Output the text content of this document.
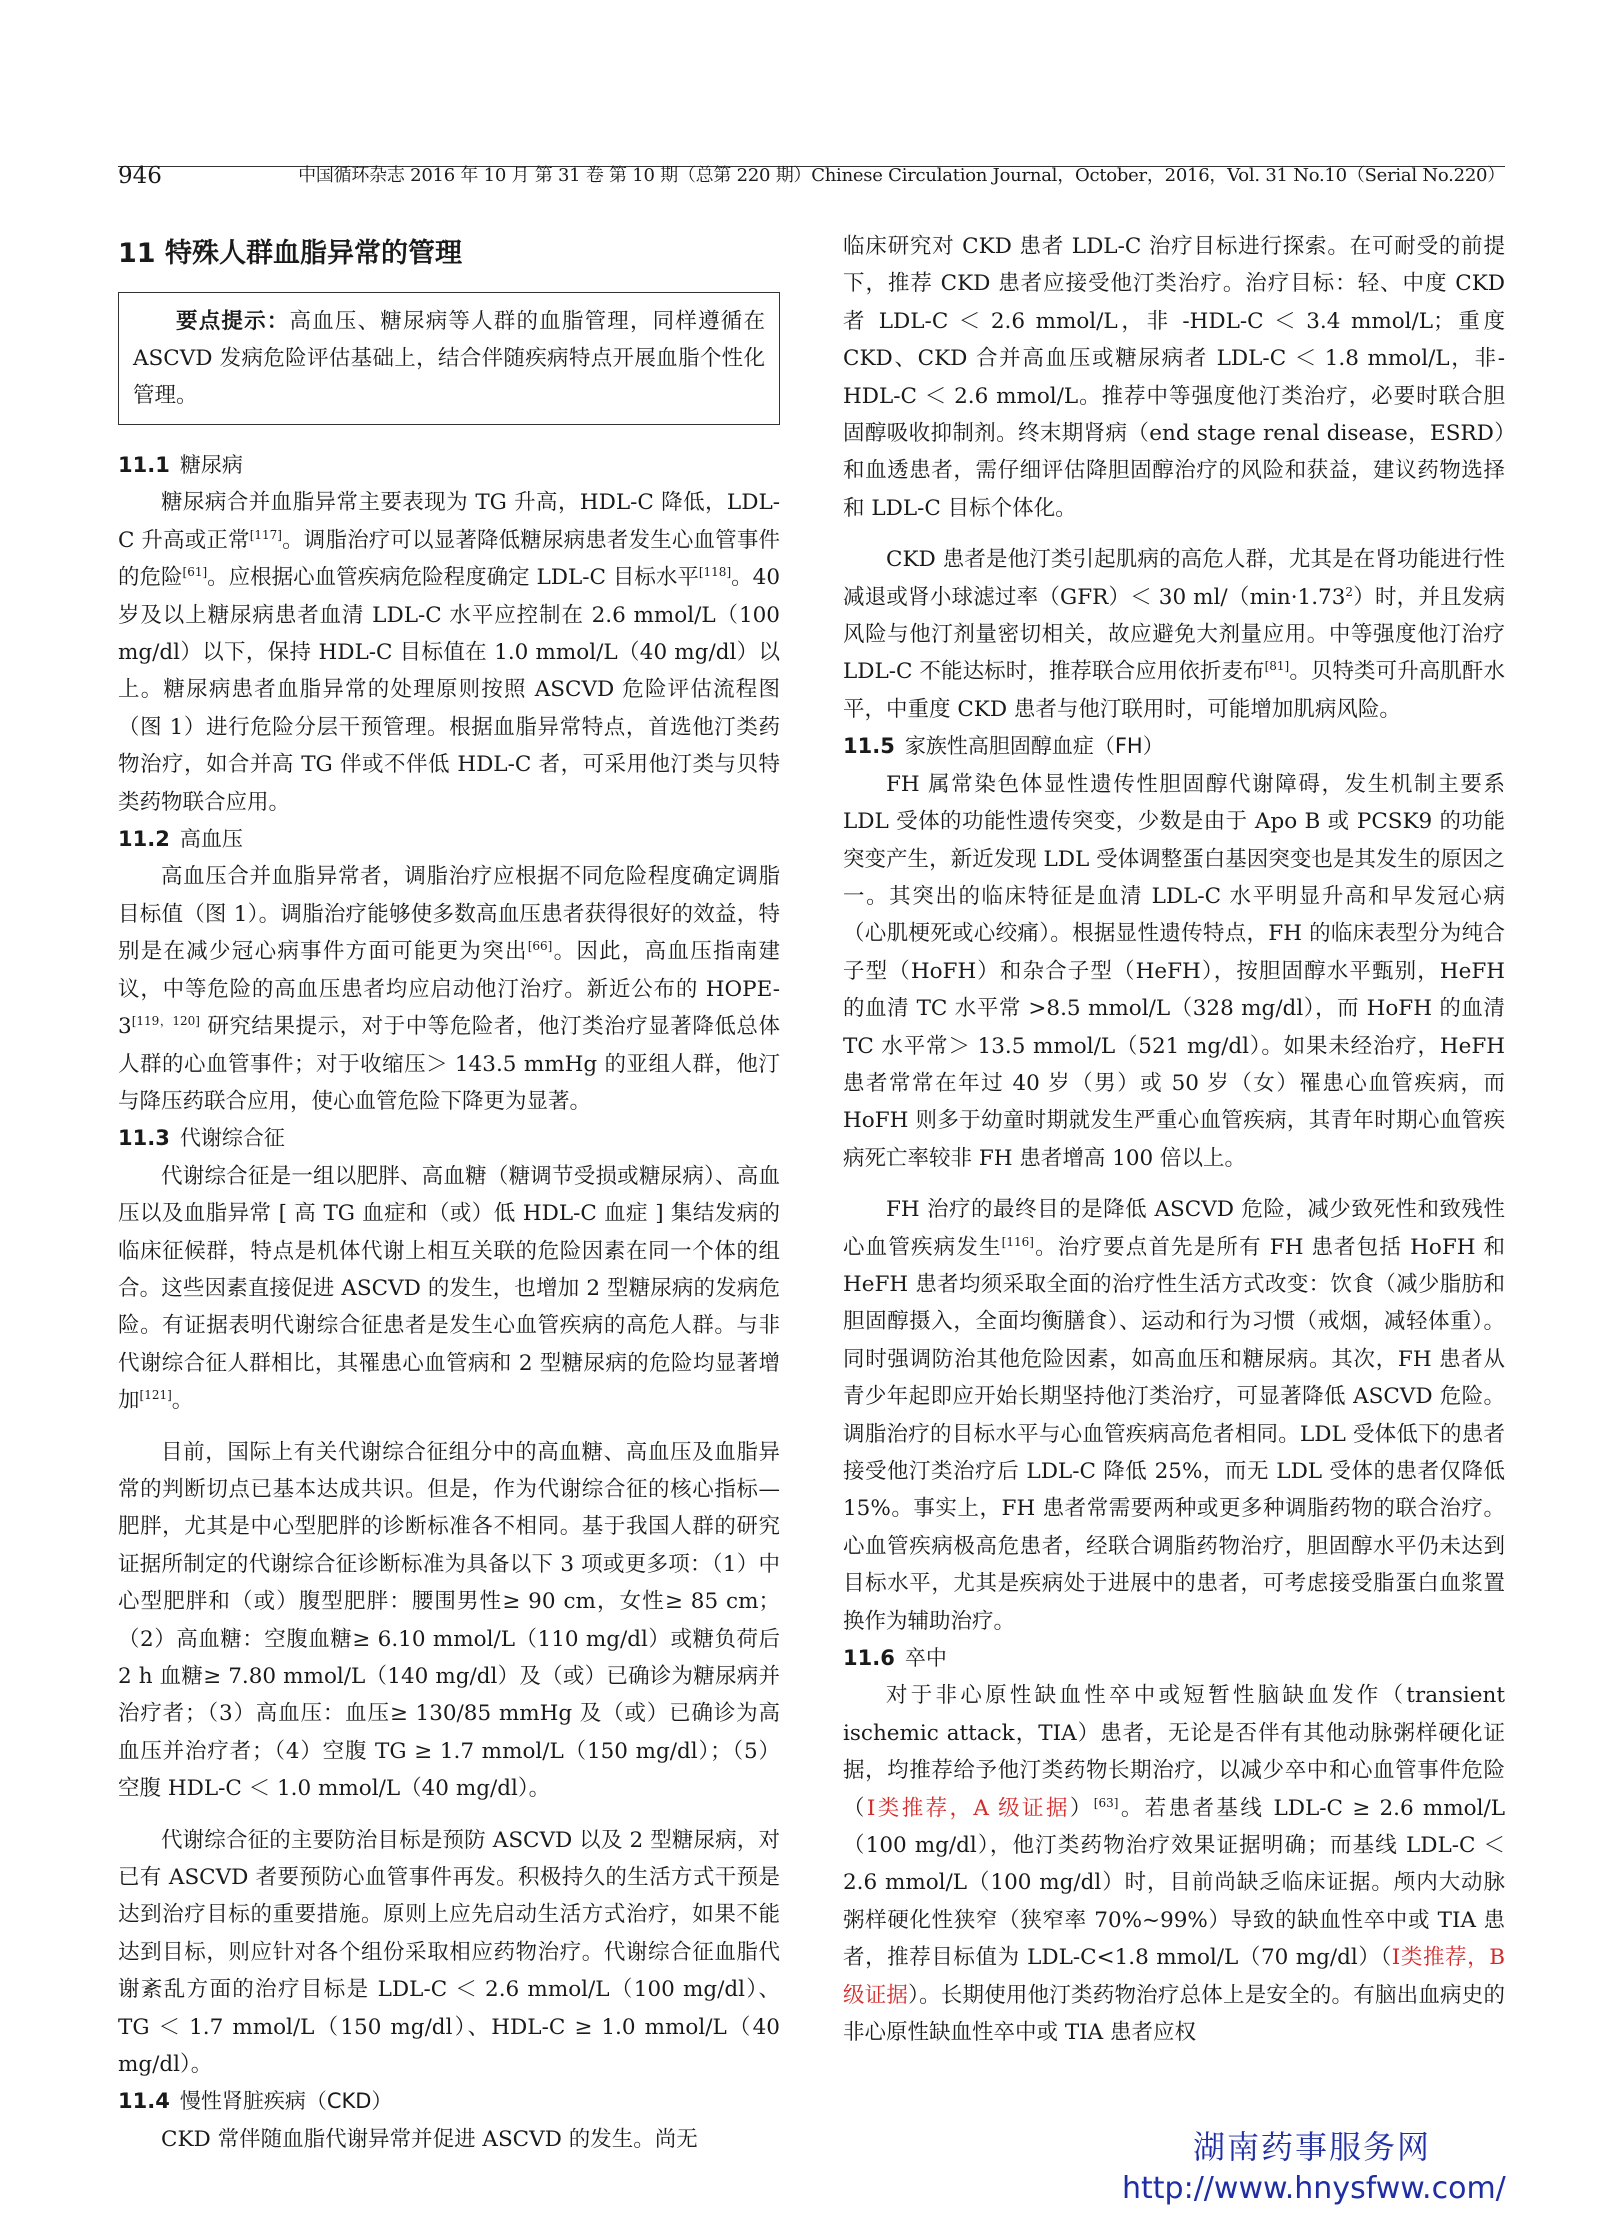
946	中国循环杂志 2016 年 10 月 第 31 卷 第 10 期（总第 220 期）Chinese Circulation Journal，October，2016，Vol. 31 No.10（Serial No.220）
11 特殊人群血脂异常的管理
要点提示：高血压、糖尿病等人群的血脂管理，同样遵循在 ASCVD 发病危险评估基础上，结合伴随疾病特点开展血脂个性化管理。

11.1 糖尿病

糖尿病合并血脂异常主要表现为 TG 升高，HDL-C 降低，LDL-C 升高或正常[117]。调脂治疗可以显著降低糖尿病患者发生心血管事件的危险[61]。应根据心血管疾病危险程度确定 LDL-C 目标水平[118]。40 岁及以上糖尿病患者血清 LDL-C 水平应控制在 2.6 mmol/L（100 mg/dl）以下，保持 HDL-C 目标值在 1.0 mmol/L（40 mg/dl）以上。糖尿病患者血脂异常的处理原则按照 ASCVD 危险评估流程图（图 1）进行危险分层干预管理。根据血脂异常特点，首选他汀类药物治疗，如合并高 TG 伴或不伴低 HDL-C 者，可采用他汀类与贝特类药物联合应用。

11.2 高血压

高血压合并血脂异常者，调脂治疗应根据不同危险程度确定调脂目标值（图 1）。调脂治疗能够使多数高血压患者获得很好的效益，特别是在减少冠心病事件方面可能更为突出[66]。因此，高血压指南建议，中等危险的高血压患者均应启动他汀治疗。新近公布的 HOPE-3[119，120] 研究结果提示，对于中等危险者，他汀类治疗显著降低总体人群的心血管事件；对于收缩压＞ 143.5 mmHg 的亚组人群，他汀与降压药联合应用，使心血管危险下降更为显著。

11.3 代谢综合征

代谢综合征是一组以肥胖、高血糖（糖调节受损或糖尿病）、高血压以及血脂异常 [ 高 TG 血症和（或）低 HDL-C 血症 ] 集结发病的临床征候群，特点是机体代谢上相互关联的危险因素在同一个体的组合。这些因素直接促进 ASCVD 的发生，也增加 2 型糖尿病的发病危险。有证据表明代谢综合征患者是发生心血管疾病的高危人群。与非代谢综合征人群相比，其罹患心血管病和 2 型糖尿病的危险均显著增加[121]。

目前，国际上有关代谢综合征组分中的高血糖、高血压及血脂异常的判断切点已基本达成共识。但是，作为代谢综合征的核心指标—肥胖，尤其是中心型肥胖的诊断标准各不相同。基于我国人群的研究证据所制定的代谢综合征诊断标准为具备以下 3 项或更多项：（1）中心型肥胖和（或）腹型肥胖：腰围男性≥ 90 cm，女性≥ 85 cm；（2）高血糖：空腹血糖≥ 6.10 mmol/L（110 mg/dl）或糖负荷后 2 h 血糖≥ 7.80 mmol/L（140 mg/dl）及（或）已确诊为糖尿病并治疗者；（3）高血压：血压≥ 130/85 mmHg 及（或）已确诊为高血压并治疗者；（4）空腹 TG ≥ 1.7 mmol/L（150 mg/dl）；（5）空腹 HDL-C ＜ 1.0 mmol/L（40 mg/dl）。

代谢综合征的主要防治目标是预防 ASCVD 以及 2 型糖尿病，对已有 ASCVD 者要预防心血管事件再发。积极持久的生活方式干预是达到治疗目标的重要措施。原则上应先启动生活方式治疗，如果不能达到目标，则应针对各个组份采取相应药物治疗。代谢综合征血脂代谢紊乱方面的治疗目标是 LDL-C ＜ 2.6 mmol/L（100 mg/dl）、TG ＜ 1.7 mmol/L（150 mg/dl）、HDL-C ≥ 1.0 mmol/L（40 mg/dl）。

11.4 慢性肾脏疾病（CKD）

CKD 常伴随血脂代谢异常并促进 ASCVD 的发生。尚无

临床研究对 CKD 患者 LDL-C 治疗目标进行探索。在可耐受的前提下，推荐 CKD 患者应接受他汀类治疗。治疗目标：轻、中度 CKD 者 LDL-C ＜ 2.6 mmol/L，非 -HDL-C ＜ 3.4 mmol/L；重度 CKD、CKD 合并高血压或糖尿病者 LDL-C ＜ 1.8 mmol/L，非-HDL-C ＜ 2.6 mmol/L。推荐中等强度他汀类治疗，必要时联合胆固醇吸收抑制剂。终末期肾病（end stage renal disease，ESRD）和血透患者，需仔细评估降胆固醇治疗的风险和获益，建议药物选择和 LDL-C 目标个体化。

CKD 患者是他汀类引起肌病的高危人群，尤其是在肾功能进行性减退或肾小球滤过率（GFR）＜ 30 $ml/(\min\cdot 1.73^2)$时，并且发病风险与他汀剂量密切相关，故应避免大剂量应用。中等强度他汀治疗 LDL-C 不能达标时，推荐联合应用依折麦布[81]。贝特类可升高肌酐水平，中重度 CKD 患者与他汀联用时，可能增加肌病风险。

11.5 家族性高胆固醇血症（FH）

FH 属常染色体显性遗传性胆固醇代谢障碍，发生机制主要系 LDL 受体的功能性遗传突变，少数是由于 Apo B 或 PCSK9 的功能突变产生，新近发现 LDL 受体调整蛋白基因突变也是其发生的原因之一。其突出的临床特征是血清 LDL-C 水平明显升高和早发冠心病（心肌梗死或心绞痛）。根据显性遗传特点，FH 的临床表型分为纯合子型（HoFH）和杂合子型（HeFH），按胆固醇水平甄别，HeFH 的血清 TC 水平常 >8.5 mmol/L（328 mg/dl），而 HoFH 的血清 TC 水平常＞ 13.5 mmol/L（521 mg/dl）。如果未经治疗，HeFH 患者常常在年过 40 岁（男）或 50 岁（女）罹患心血管疾病，而 HoFH 则多于幼童时期就发生严重心血管疾病，其青年时期心血管疾病死亡率较非 FH 患者增高 100 倍以上。

FH 治疗的最终目的是降低 ASCVD 危险，减少致死性和致残性心血管疾病发生[116]。治疗要点首先是所有 FH 患者包括 HoFH 和 HeFH 患者均须采取全面的治疗性生活方式改变：饮食（减少脂肪和胆固醇摄入，全面均衡膳食）、运动和行为习惯（戒烟，减轻体重）。同时强调防治其他危险因素，如高血压和糖尿病。其次，FH 患者从青少年起即应开始长期坚持他汀类治疗，可显著降低 ASCVD 危险。调脂治疗的目标水平与心血管疾病高危者相同。LDL 受体低下的患者接受他汀类治疗后 LDL-C 降低 25%，而无 LDL 受体的患者仅降低 15%。事实上，FH 患者常需要两种或更多种调脂药物的联合治疗。心血管疾病极高危患者，经联合调脂药物治疗，胆固醇水平仍未达到目标水平，尤其是疾病处于进展中的患者，可考虑接受脂蛋白血浆置换作为辅助治疗。

11.6 卒中

对于非心原性缺血性卒中或短暂性脑缺血发作（transient ischemic attack，TIA）患者，无论是否伴有其他动脉粥样硬化证据，均推荐给予他汀类药物长期治疗，以减少卒中和心血管事件危险（Ⅰ类推荐，A 级证据）[63]。若患者基线 LDL-C ≥ 2.6 mmol/L（100 mg/dl），他汀类药物治疗效果证据明确；而基线 LDL-C ＜ 2.6 mmol/L（100 mg/dl）时，目前尚缺乏临床证据。颅内大动脉粥样硬化性狭窄（狭窄率 70%~99%）导致的缺血性卒中或 TIA 患者，推荐目标值为 LDL-C<1.8 mmol/L（70 mg/dl）（Ⅰ类推荐，B 级证据）。长期使用他汀类药物治疗总体上是安全的。有脑出血病史的非心原性缺血性卒中或 TIA 患者应权

湖南药事服务网
http://www.hnysfww.com/
